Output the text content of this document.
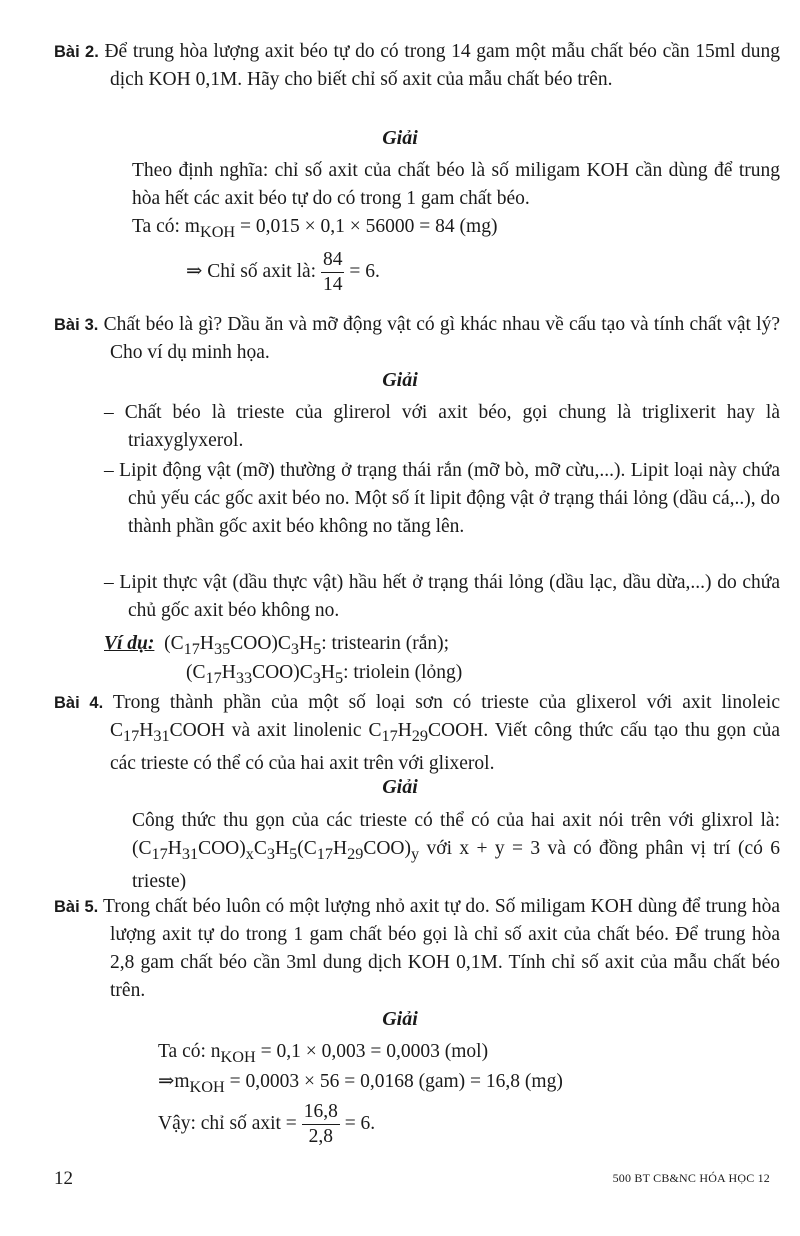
Bài 2. Để trung hòa lượng axit béo tự do có trong 14 gam một mẫu chất béo cần 15ml dung dịch KOH 0,1M. Hãy cho biết chỉ số axit của mẫu chất béo trên.
Giải
Theo định nghĩa: chỉ số axit của chất béo là số miligam KOH cần dùng để trung hòa hết các axit béo tự do có trong 1 gam chất béo.
Ta có: $m_{KOH} = 0,015 \times 0,1 \times 56000 = 84$ (mg)
⇒ Chỉ số axit là: $\frac{84}{14} = 6$.
Bài 3. Chất béo là gì? Dầu ăn và mỡ động vật có gì khác nhau về cấu tạo và tính chất vật lý? Cho ví dụ minh họa.
Giải
– Chất béo là trieste của glirerol với axit béo, gọi chung là triglixerit hay là triaxyglyxerol.
– Lipit động vật (mỡ) thường ở trạng thái rắn (mỡ bò, mỡ cừu,...). Lipit loại này chứa chủ yếu các gốc axit béo no. Một số ít lipit động vật ở trạng thái lỏng (dầu cá,..), do thành phần gốc axit béo không no tăng lên.
– Lipit thực vật (dầu thực vật) hầu hết ở trạng thái lỏng (dầu lạc, dầu dừa,...) do chứa chủ gốc axit béo không no.
Ví dụ:  $(C_{17}H_{35}COO)C_3H_5$: tristearin (rắn);
$(C_{17}H_{33}COO)C_3H_5$: triolein (lỏng)
Bài 4. Trong thành phần của một số loại sơn có trieste của glixerol với axit linoleic $C_{17}H_{31}COOH$ và axit linolenic $C_{17}H_{29}COOH$. Viết công thức cấu tạo thu gọn của các trieste có thể có của hai axit trên với glixerol.
Giải
Công thức thu gọn của các trieste có thể có của hai axit nói trên với glixrol là: $(C_{17}H_{31}COO)_xC_3H_5(C_{17}H_{29}COO)_y$ với x + y = 3 và có đồng phân vị trí (có 6 trieste)
Bài 5. Trong chất béo luôn có một lượng nhỏ axit tự do. Số miligam KOH dùng để trung hòa lượng axit tự do trong 1 gam chất béo gọi là chỉ số axit của chất béo. Để trung hòa 2,8 gam chất béo cần 3ml dung dịch KOH 0,1M. Tính chỉ số axit của mẫu chất béo trên.
Giải
Ta có: $n_{KOH} = 0,1 \times 0,003 = 0,0003$ (mol)
$\Rightarrow m_{KOH} = 0,0003 \times 56 = 0,0168$ (gam) = 16,8 (mg)
Vậy: chỉ số axit = $\frac{16,8}{2,8} = 6$.
12	500 BT CB&NC HÓA HỌC 12
